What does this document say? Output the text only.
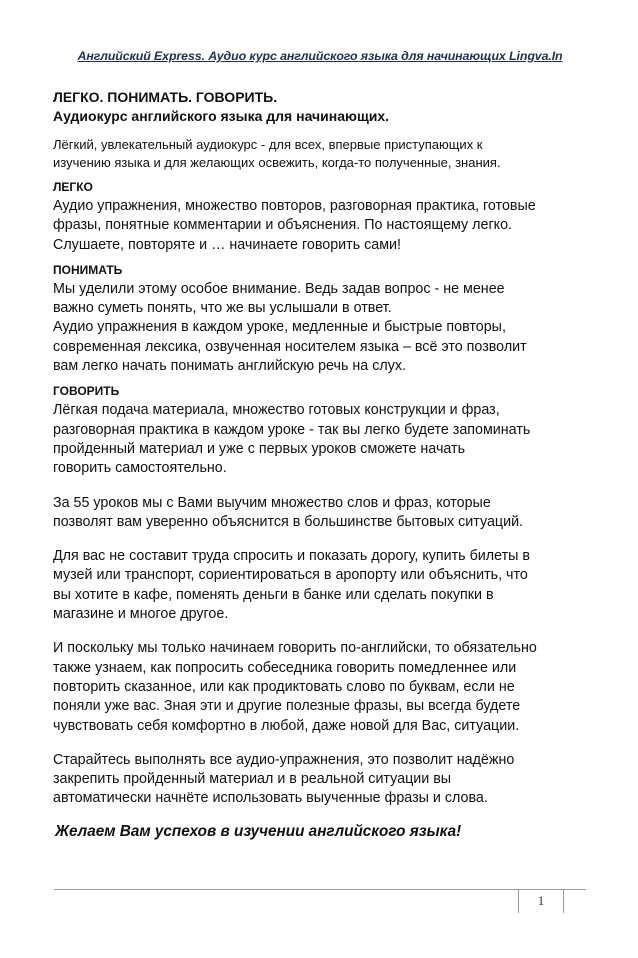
Английский Express. Аудио курс английского языка для начинающих Lingva.In
ЛЕГКО. ПОНИМАТЬ. ГОВОРИТЬ.
Аудиокурс английского языка для начинающих.
Лёгкий, увлекательный аудиокурс - для всех, впервые приступающих к
изучению языка и для желающих освежить, когда-то полученные, знания.
ЛЕГКО
Аудио упражнения, множество повторов, разговорная практика, готовые
фразы, понятные комментарии и объяснения. По настоящему легко.
Слушаете, повторяте и … начинаете говорить сами!
ПОНИМАТЬ
Мы уделили этому особое внимание. Ведь задав вопрос - не менее
важно суметь понять, что же вы услышали в ответ.
Аудио упражнения в каждом уроке, медленные и быстрые повторы,
современная лексика, озвученная носителем языка – всё это позволит
вам легко начать понимать английскую речь на слух.
ГОВОРИТЬ
Лёгкая подача материала, множество готовых конструкции и фраз,
разговорная практика в каждом уроке - так вы легко будете запоминать
пройденный материал и уже с первых уроков сможете начать
говорить самостоятельно.
За 55 уроков мы с Вами выучим множество слов и фраз, которые
позволят вам уверенно объяснится в большинстве бытовых ситуаций.
Для вас не составит труда спросить и показать дорогу, купить билеты в
музей или транспорт, сориентироваться в аропорту или объяснить, что
вы хотите в кафе, поменять деньги в банке или сделать покупки в
магазине и многое другое.
И поскольку мы только начинаем говорить по-английски, то обязательно
также узнаем, как попросить собеседника говорить помедленнее или
повторить сказанное, или как продиктовать слово по буквам, если не
поняли уже вас. Зная эти и другие полезные фразы, вы всегда будете
чувствовать себя комфортно в любой, даже новой для Вас, ситуации.
Старайтесь выполнять все аудио-упражнения, это позволит надёжно
закрепить пройденный материал и в реальной ситуации вы
автоматически начнёте использовать выученные фразы и слова.
Желаем Вам успехов в изучении английского языка!
1
